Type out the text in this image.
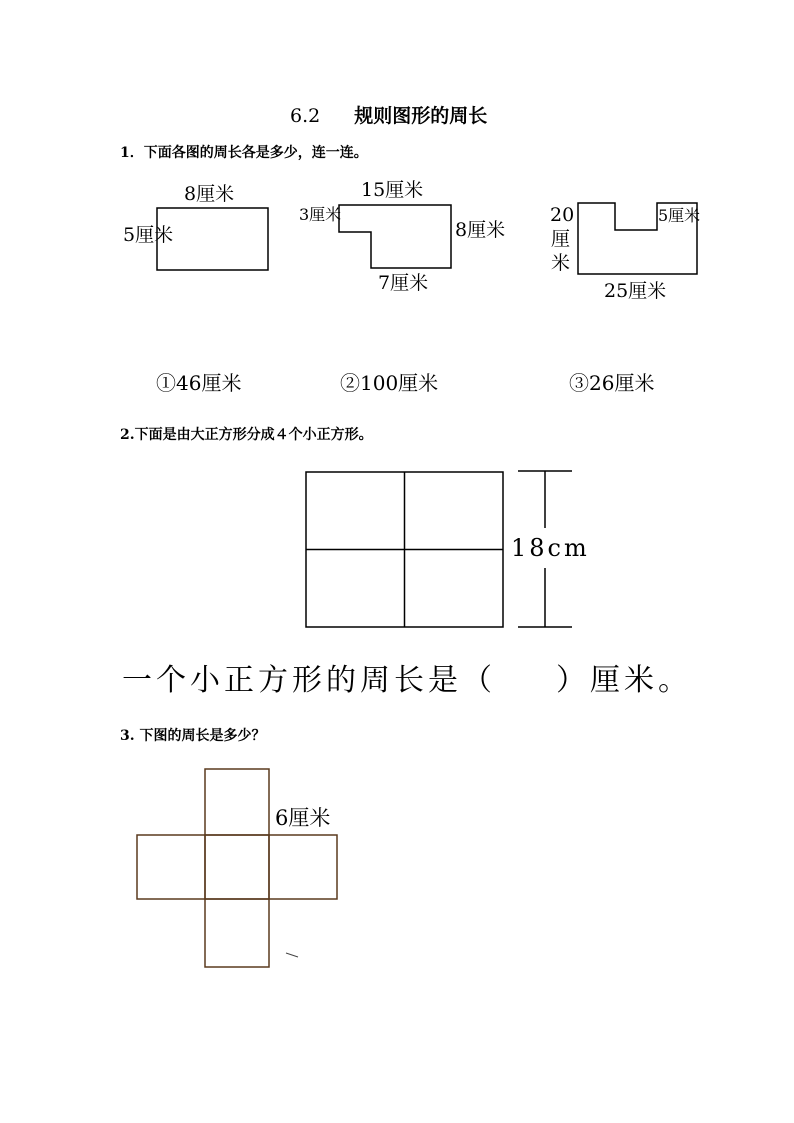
6.2 规则图形的周长
1．下面各图的周长各是多少，连一连。
8厘米
5厘米
15厘米
3厘米
8厘米
7厘米
20
厘
米
5厘米
25厘米
①46厘米	②100厘米	③26厘米
2.下面是由大正方形分成４个小正方形。
18cm
一个小正方形的周长是（ ）厘米。
3. 下图的周长是多少？
6厘米
